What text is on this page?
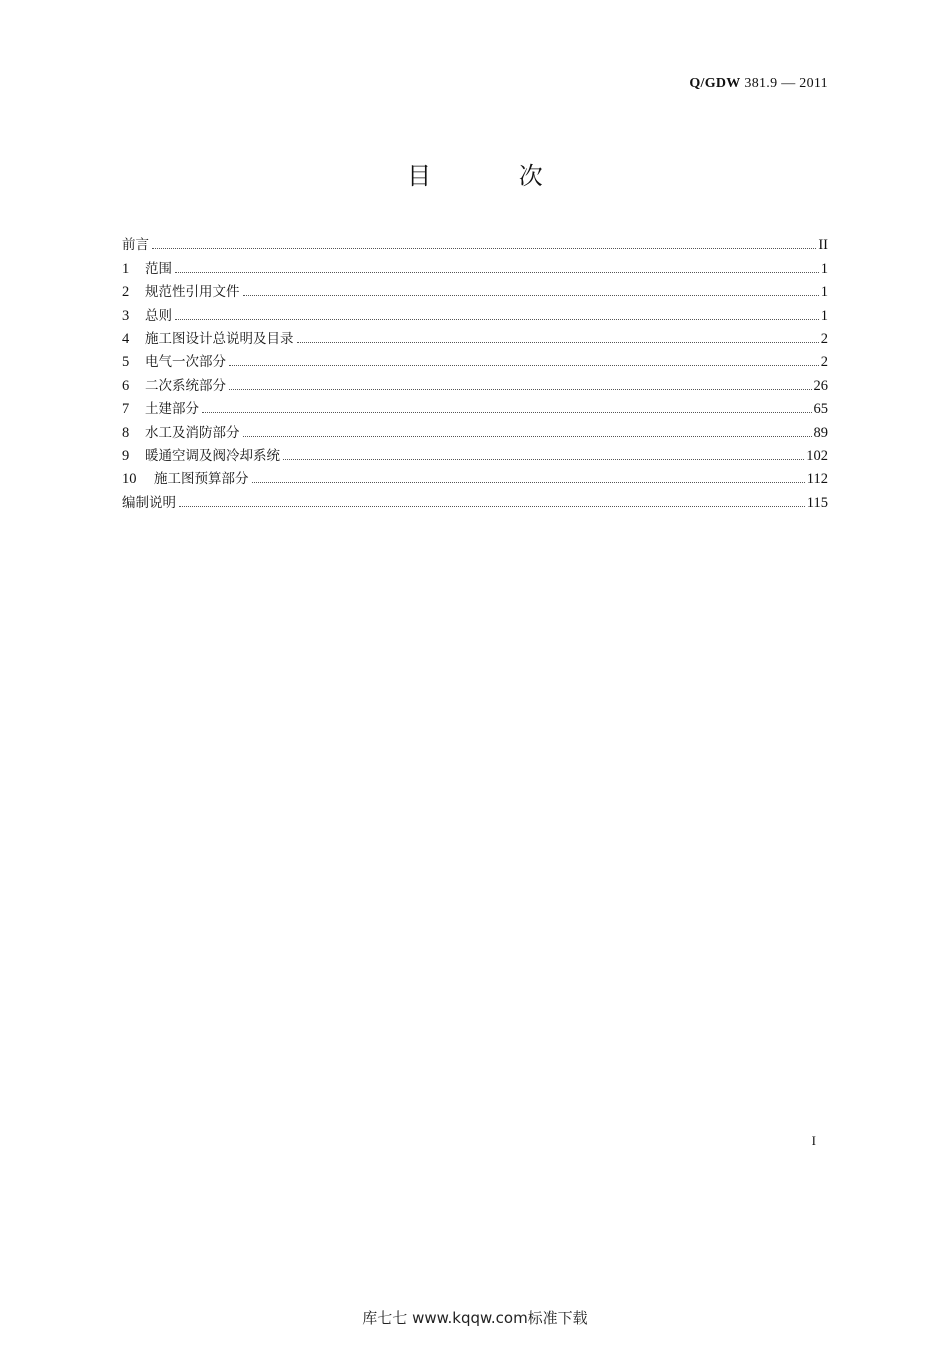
Q/GDW 381.9 — 2011
目 次
前言	II
1	范围	1
2	规范性引用文件	1
3	总则	1
4	施工图设计总说明及目录	2
5	电气一次部分	2
6	二次系统部分	26
7	土建部分	65
8	水工及消防部分	89
9	暖通空调及阀冷却系统	102
10	施工图预算部分	112
编制说明	115
I
库七七 www.kqqw.com标准下载
